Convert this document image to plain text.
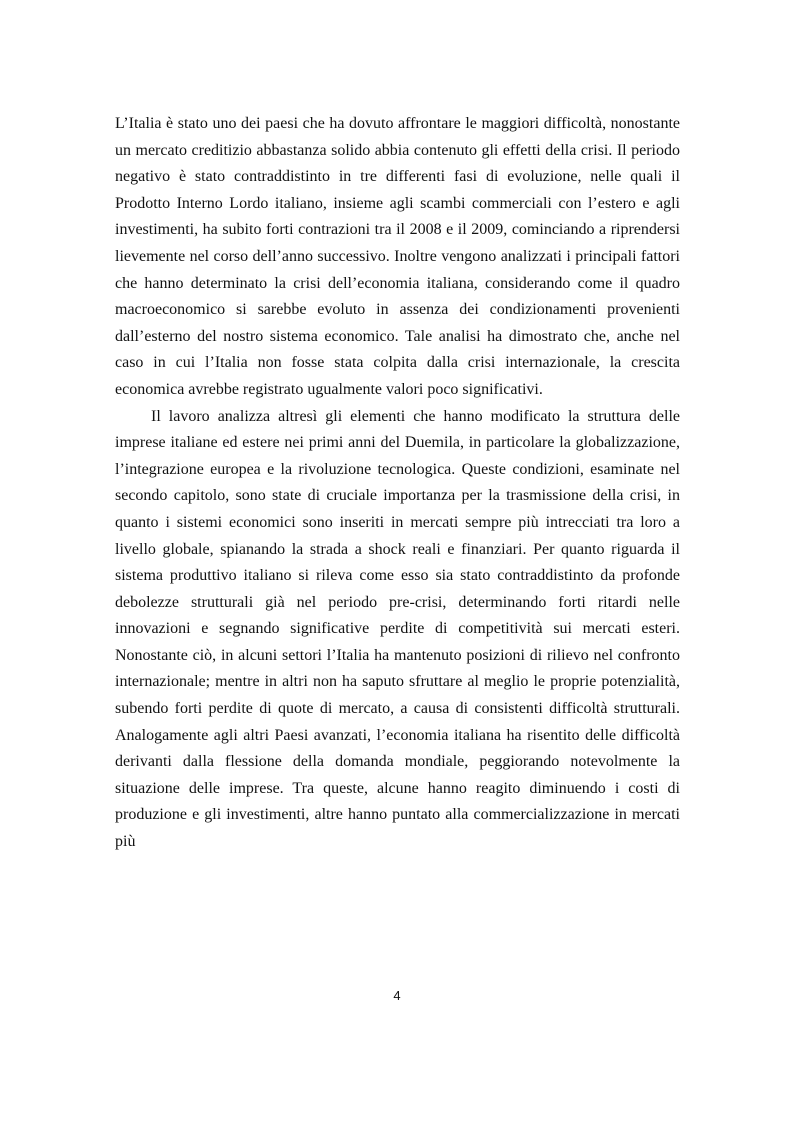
L’Italia è stato uno dei paesi che ha dovuto affrontare le maggiori difficoltà, nonostante un mercato creditizio abbastanza solido abbia contenuto gli effetti della crisi. Il periodo negativo è stato contraddistinto in tre differenti fasi di evoluzione, nelle quali il Prodotto Interno Lordo italiano, insieme agli scambi commerciali con l’estero e agli investimenti, ha subito forti contrazioni tra il 2008 e il 2009, cominciando a riprendersi lievemente nel corso dell’anno successivo. Inoltre vengono analizzati i principali fattori che hanno determinato la crisi dell’economia italiana, considerando come il quadro macroeconomico si sarebbe evoluto in assenza dei condizionamenti provenienti dall’esterno del nostro sistema economico. Tale analisi ha dimostrato che, anche nel caso in cui l’Italia non fosse stata colpita dalla crisi internazionale, la crescita economica avrebbe registrato ugualmente valori poco significativi.

Il lavoro analizza altresì gli elementi che hanno modificato la struttura delle imprese italiane ed estere nei primi anni del Duemila, in particolare la globalizzazione, l’integrazione europea e la rivoluzione tecnologica. Queste condizioni, esaminate nel secondo capitolo, sono state di cruciale importanza per la trasmissione della crisi, in quanto i sistemi economici sono inseriti in mercati sempre più intrecciati tra loro a livello globale, spianando la strada a shock reali e finanziari. Per quanto riguarda il sistema produttivo italiano si rileva come esso sia stato contraddistinto da profonde debolezze strutturali già nel periodo pre-crisi, determinando forti ritardi nelle innovazioni e segnando significative perdite di competitività sui mercati esteri. Nonostante ciò, in alcuni settori l’Italia ha mantenuto posizioni di rilievo nel confronto internazionale; mentre in altri non ha saputo sfruttare al meglio le proprie potenzialità, subendo forti perdite di quote di mercato, a causa di consistenti difficoltà strutturali. Analogamente agli altri Paesi avanzati, l’economia italiana ha risentito delle difficoltà derivanti dalla flessione della domanda mondiale, peggiorando notevolmente la situazione delle imprese. Tra queste, alcune hanno reagito diminuendo i costi di produzione e gli investimenti, altre hanno puntato alla commercializzazione in mercati più

4
